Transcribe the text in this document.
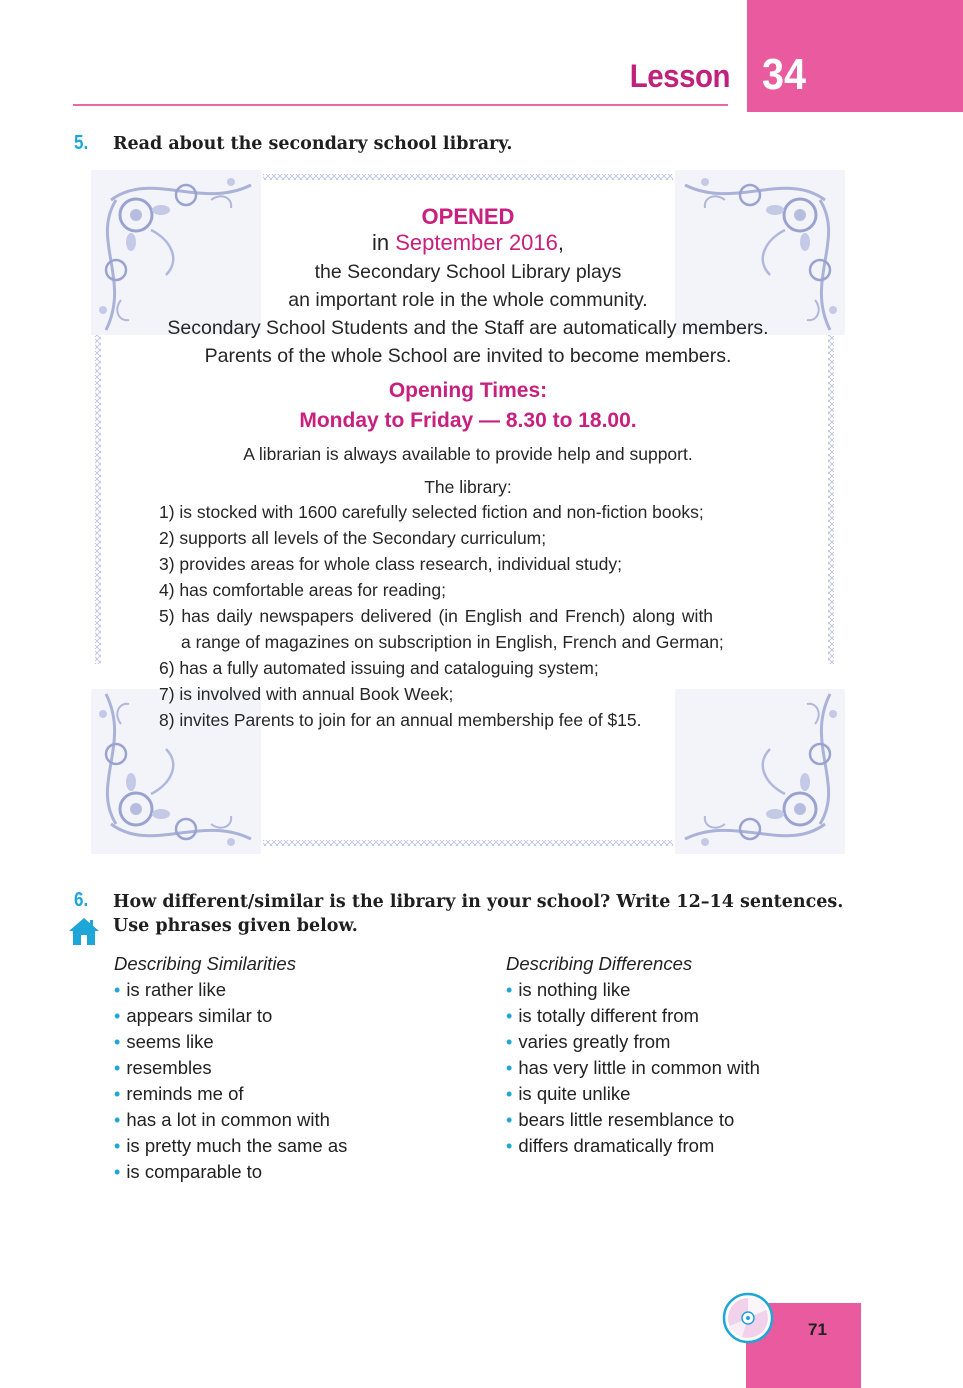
Lesson 34
5. Read about the secondary school library.
OPENED
in September 2016,
the Secondary School Library plays
an important role in the whole community.
Secondary School Students and the Staff are automatically members.
Parents of the whole School are invited to become members.
Opening Times:
Monday to Friday — 8.30 to 18.00.
A librarian is always available to provide help and support.
The library:
1) is stocked with 1600 carefully selected fiction and non-fiction books;
2) supports all levels of the Secondary curriculum;
3) provides areas for whole class research, individual study;
4) has comfortable areas for reading;
5) has daily newspapers delivered (in English and French) along with
a range of magazines on subscription in English, French and German;
6) has a fully automated issuing and cataloguing system;
7) is involved with annual Book Week;
8) invites Parents to join for an annual membership fee of $15.
6. How different/similar is the library in your school? Write 12–14 sentences.
Use phrases given below.
Describing Similarities
• is rather like
• appears similar to
• seems like
• resembles
• reminds me of
• has a lot in common with
• is pretty much the same as
• is comparable to
Describing Differences
• is nothing like
• is totally different from
• varies greatly from
• has very little in common with
• is quite unlike
• bears little resemblance to
• differs dramatically from
71
